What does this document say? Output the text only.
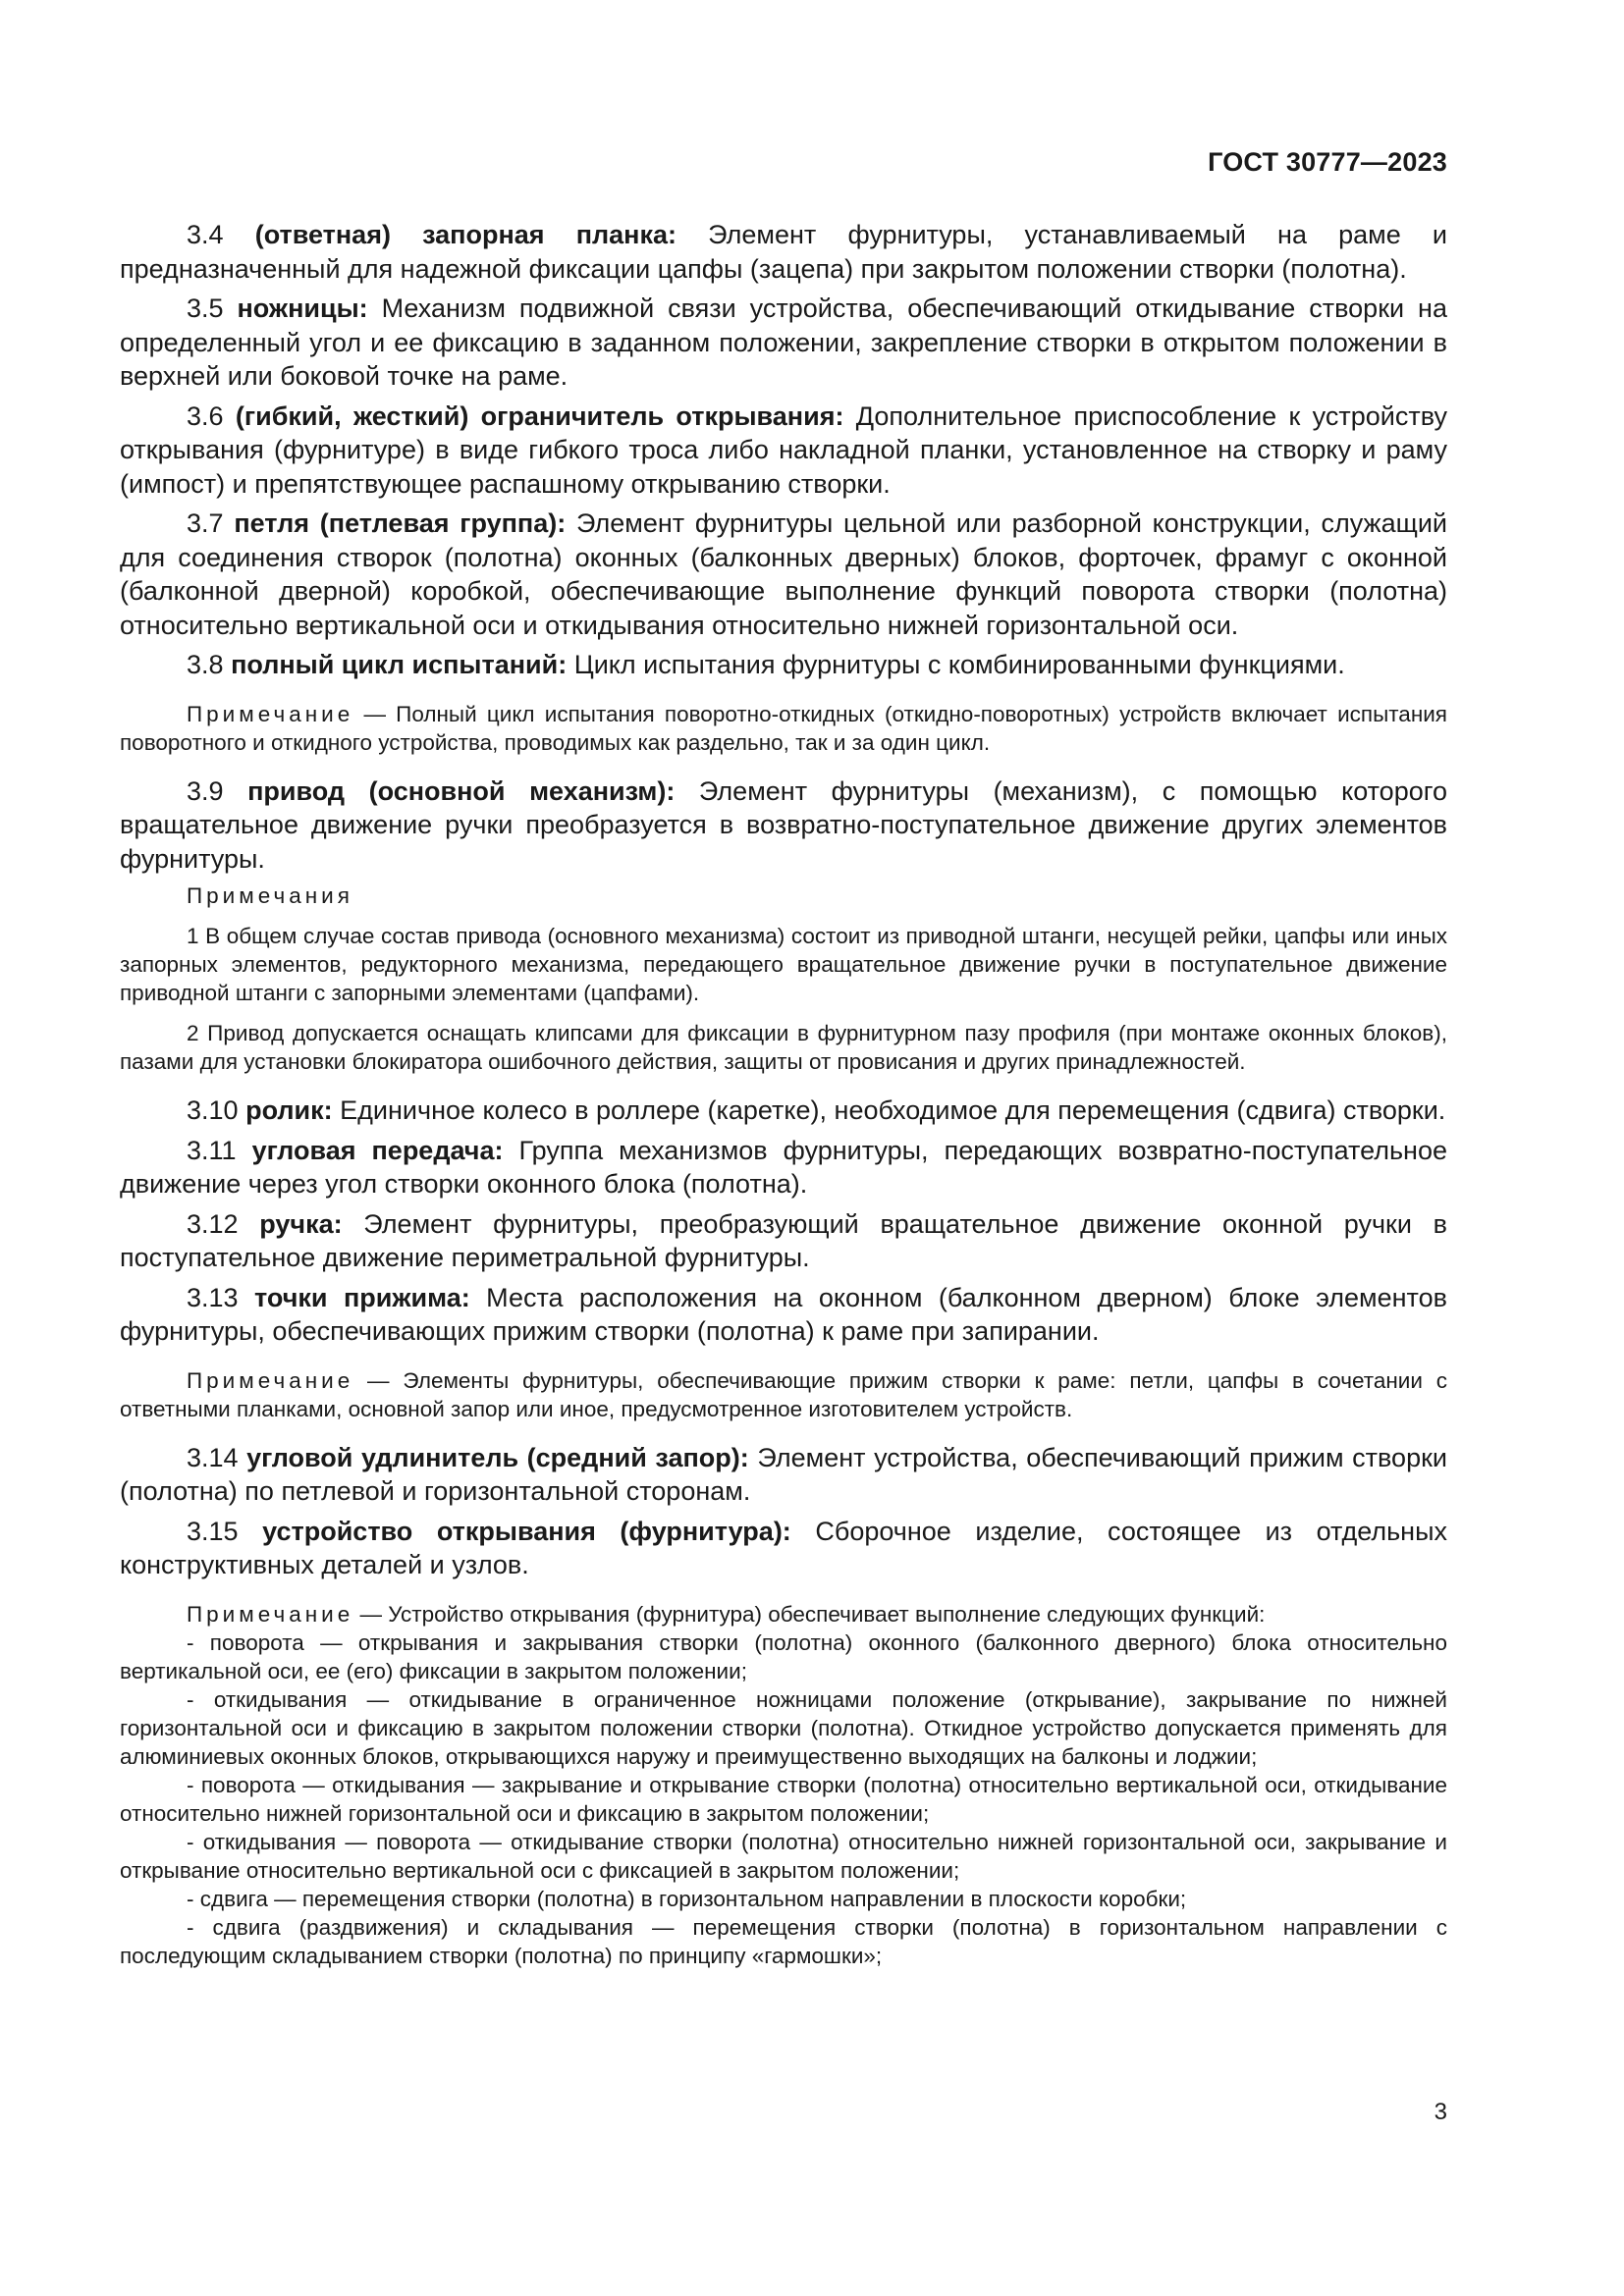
ГОСТ 30777—2023

3.4 (ответная) запорная планка: Элемент фурнитуры, устанавливаемый на раме и предназначенный для надежной фиксации цапфы (зацепа) при закрытом положении створки (полотна).

3.5 ножницы: Механизм подвижной связи устройства, обеспечивающий откидывание створки на определенный угол и ее фиксацию в заданном положении, закрепление створки в открытом положении в верхней или боковой точке на раме.

3.6 (гибкий, жесткий) ограничитель открывания: Дополнительное приспособление к устройству открывания (фурнитуре) в виде гибкого троса либо накладной планки, установленное на створку и раму (импост) и препятствующее распашному открыванию створки.

3.7 петля (петлевая группа): Элемент фурнитуры цельной или разборной конструкции, служащий для соединения створок (полотна) оконных (балконных дверных) блоков, форточек, фрамуг с оконной (балконной дверной) коробкой, обеспечивающие выполнение функций поворота створки (полотна) относительно вертикальной оси и откидывания относительно нижней горизонтальной оси.

3.8 полный цикл испытаний: Цикл испытания фурнитуры с комбинированными функциями.

Примечание — Полный цикл испытания поворотно-откидных (откидно-поворотных) устройств включает испытания поворотного и откидного устройства, проводимых как раздельно, так и за один цикл.

3.9 привод (основной механизм): Элемент фурнитуры (механизм), с помощью которого вращательное движение ручки преобразуется в возвратно-поступательное движение других элементов фурнитуры.

Примечания

1 В общем случае состав привода (основного механизма) состоит из приводной штанги, несущей рейки, цапфы или иных запорных элементов, редукторного механизма, передающего вращательное движение ручки в поступательное движение приводной штанги с запорными элементами (цапфами).

2 Привод допускается оснащать клипсами для фиксации в фурнитурном пазу профиля (при монтаже оконных блоков), пазами для установки блокиратора ошибочного действия, защиты от провисания и других принадлежностей.

3.10 ролик: Единичное колесо в роллере (каретке), необходимое для перемещения (сдвига) створки.

3.11 угловая передача: Группа механизмов фурнитуры, передающих возвратно-поступательное движение через угол створки оконного блока (полотна).

3.12 ручка: Элемент фурнитуры, преобразующий вращательное движение оконной ручки в поступательное движение периметральной фурнитуры.

3.13 точки прижима: Места расположения на оконном (балконном дверном) блоке элементов фурнитуры, обеспечивающих прижим створки (полотна) к раме при запирании.

Примечание — Элементы фурнитуры, обеспечивающие прижим створки к раме: петли, цапфы в сочетании с ответными планками, основной запор или иное, предусмотренное изготовителем устройств.

3.14 угловой удлинитель (средний запор): Элемент устройства, обеспечивающий прижим створки (полотна) по петлевой и горизонтальной сторонам.

3.15 устройство открывания (фурнитура): Сборочное изделие, состоящее из отдельных конструктивных деталей и узлов.

Примечание — Устройство открывания (фурнитура) обеспечивает выполнение следующих функций:

- поворота — открывания и закрывания створки (полотна) оконного (балконного дверного) блока относительно вертикальной оси, ее (его) фиксации в закрытом положении;

- откидывания — откидывание в ограниченное ножницами положение (открывание), закрывание по нижней горизонтальной оси и фиксацию в закрытом положении створки (полотна). Откидное устройство допускается применять для алюминиевых оконных блоков, открывающихся наружу и преимущественно выходящих на балконы и лоджии;

- поворота — откидывания — закрывание и открывание створки (полотна) относительно вертикальной оси, откидывание относительно нижней горизонтальной оси и фиксацию в закрытом положении;

- откидывания — поворота — откидывание створки (полотна) относительно нижней горизонтальной оси, закрывание и открывание относительно вертикальной оси с фиксацией в закрытом положении;

- сдвига — перемещения створки (полотна) в горизонтальном направлении в плоскости коробки;

- сдвига (раздвижения) и складывания — перемещения створки (полотна) в горизонтальном направлении с последующим складыванием створки (полотна) по принципу «гармошки»;

3
